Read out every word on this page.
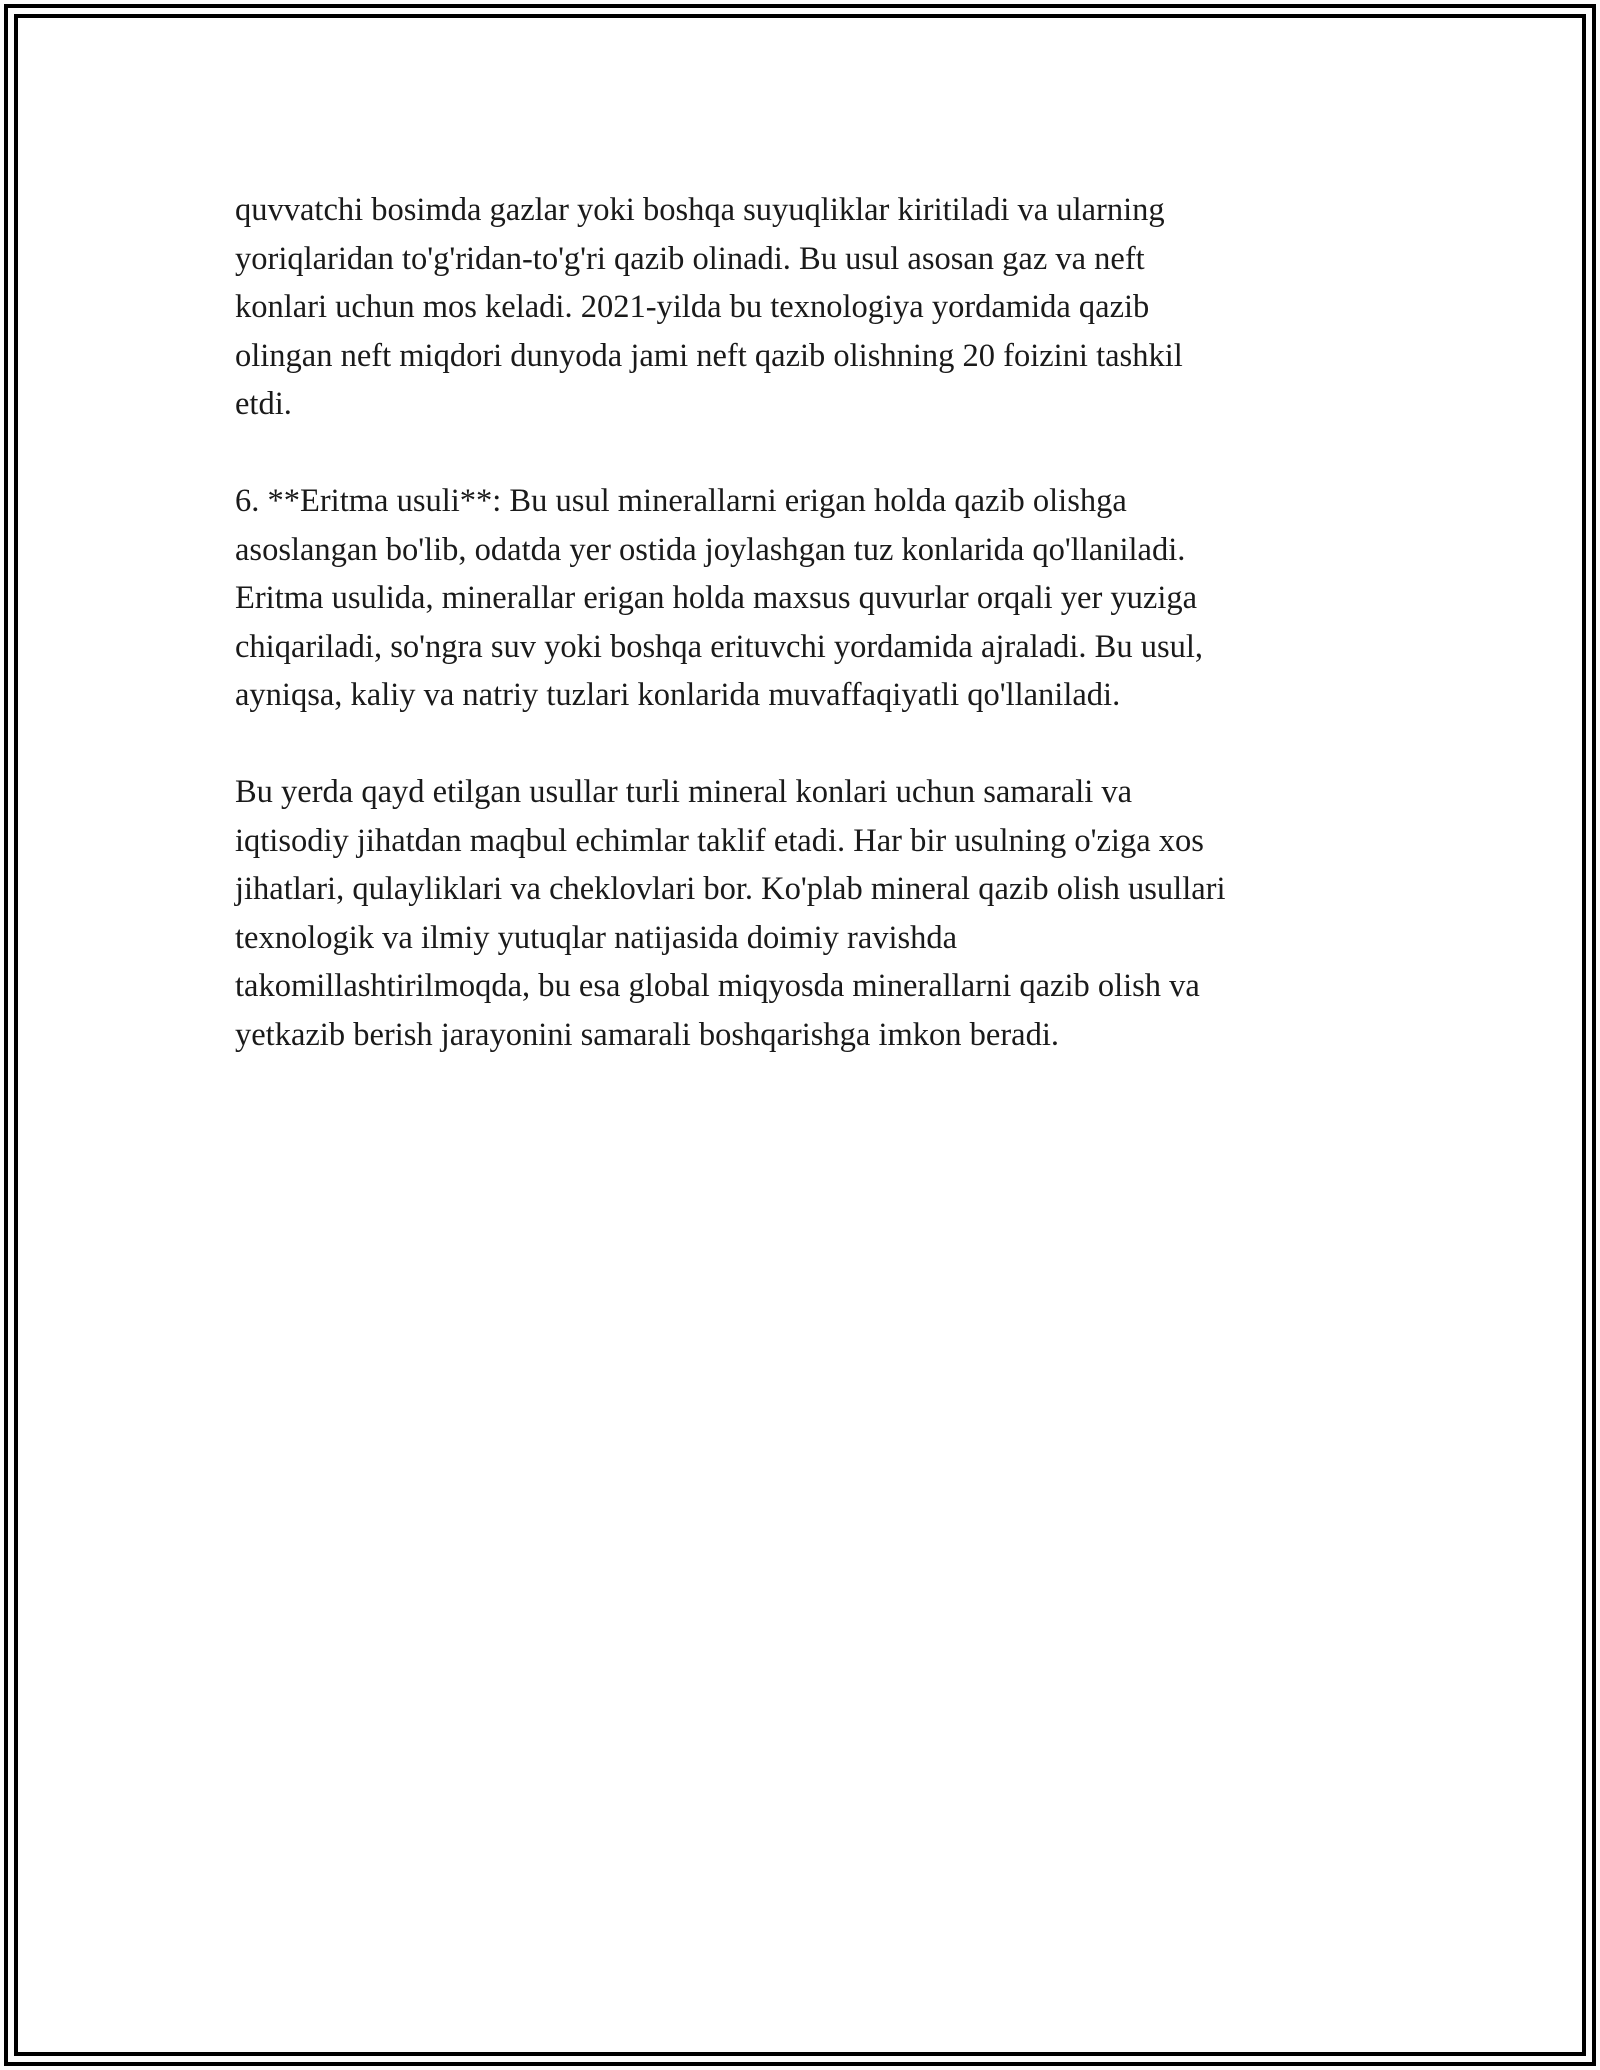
quvvatchi bosimda gazlar yoki boshqa suyuqliklar kiritiladi va ularning
yoriqlaridan to'g'ridan-to'g'ri qazib olinadi. Bu usul asosan gaz va neft
konlari uchun mos keladi. 2021-yilda bu texnologiya yordamida qazib
olingan neft miqdori dunyoda jami neft qazib olishning 20 foizini tashkil
etdi.

6. **Eritma usuli**: Bu usul minerallarni erigan holda qazib olishga
asoslangan bo'lib, odatda yer ostida joylashgan tuz konlarida qo'llaniladi.
Eritma usulida, minerallar erigan holda maxsus quvurlar orqali yer yuziga
chiqariladi, so'ngra suv yoki boshqa erituvchi yordamida ajraladi. Bu usul,
ayniqsa, kaliy va natriy tuzlari konlarida muvaffaqiyatli qo'llaniladi.

Bu yerda qayd etilgan usullar turli mineral konlari uchun samarali va
iqtisodiy jihatdan maqbul echimlar taklif etadi. Har bir usulning o'ziga xos
jihatlari, qulayliklari va cheklovlari bor. Ko'plab mineral qazib olish usullari
texnologik va ilmiy yutuqlar natijasida doimiy ravishda
takomillashtirilmoqda, bu esa global miqyosda minerallarni qazib olish va
yetkazib berish jarayonini samarali boshqarishga imkon beradi.
